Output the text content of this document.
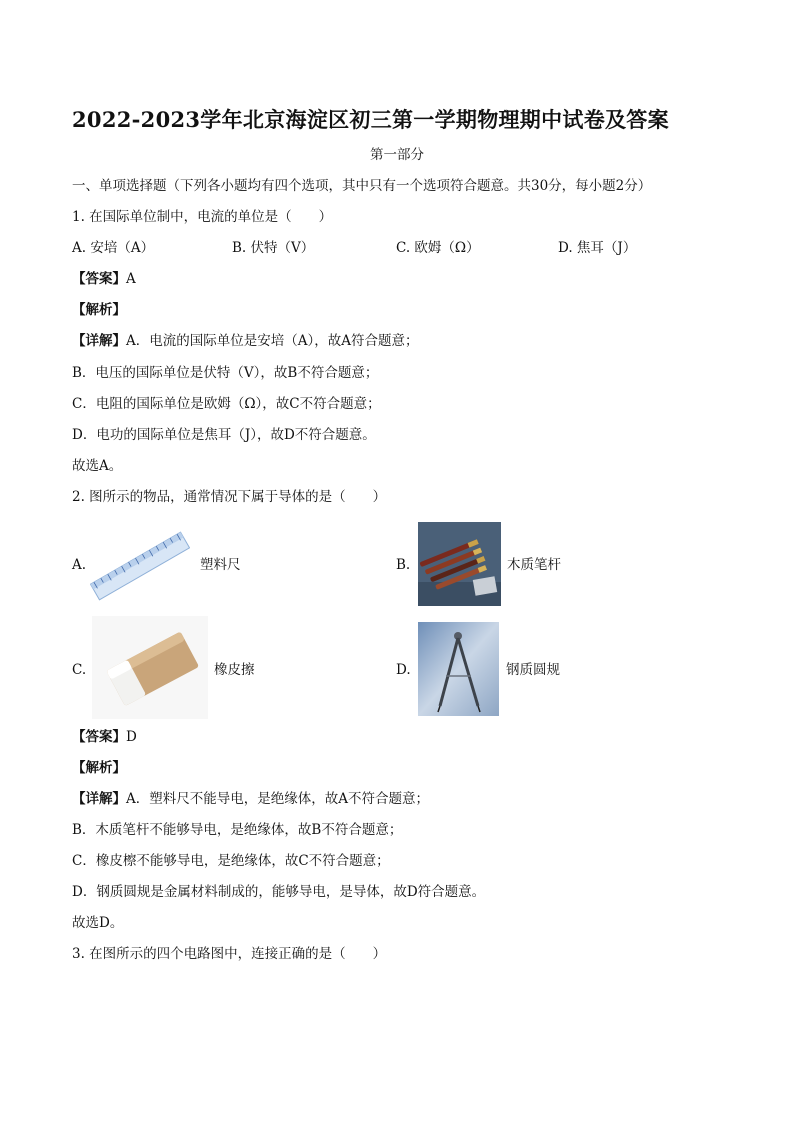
2022-2023学年北京海淀区初三第一学期物理期中试卷及答案
第一部分
一、单项选择题（下列各小题均有四个选项，其中只有一个选项符合题意。共30分，每小题2分）
1. 在国际单位制中，电流的单位是（　　）
A. 安培（A）	B. 伏特（V）	C. 欧姆（Ω）	D. 焦耳（J）
【答案】A
【解析】
【详解】A．电流的国际单位是安培（A），故A符合题意；
B．电压的国际单位是伏特（V），故B不符合题意；
C．电阻的国际单位是欧姆（Ω），故C不符合题意；
D．电功的国际单位是焦耳（J），故D不符合题意。
故选A。
2. 图所示的物品，通常情况下属于导体的是（　　）
A.	塑料尺	B.	木质笔杆
C.	橡皮擦	D.	钢质圆规
【答案】D
【解析】
【详解】A．塑料尺不能导电，是绝缘体，故A不符合题意；
B．木质笔杆不能够导电，是绝缘体，故B不符合题意；
C．橡皮檫不能够导电，是绝缘体，故C不符合题意；
D．钢质圆规是金属材料制成的，能够导电，是导体，故D符合题意。
故选D。
3. 在图所示的四个电路图中，连接正确的是（　　）
